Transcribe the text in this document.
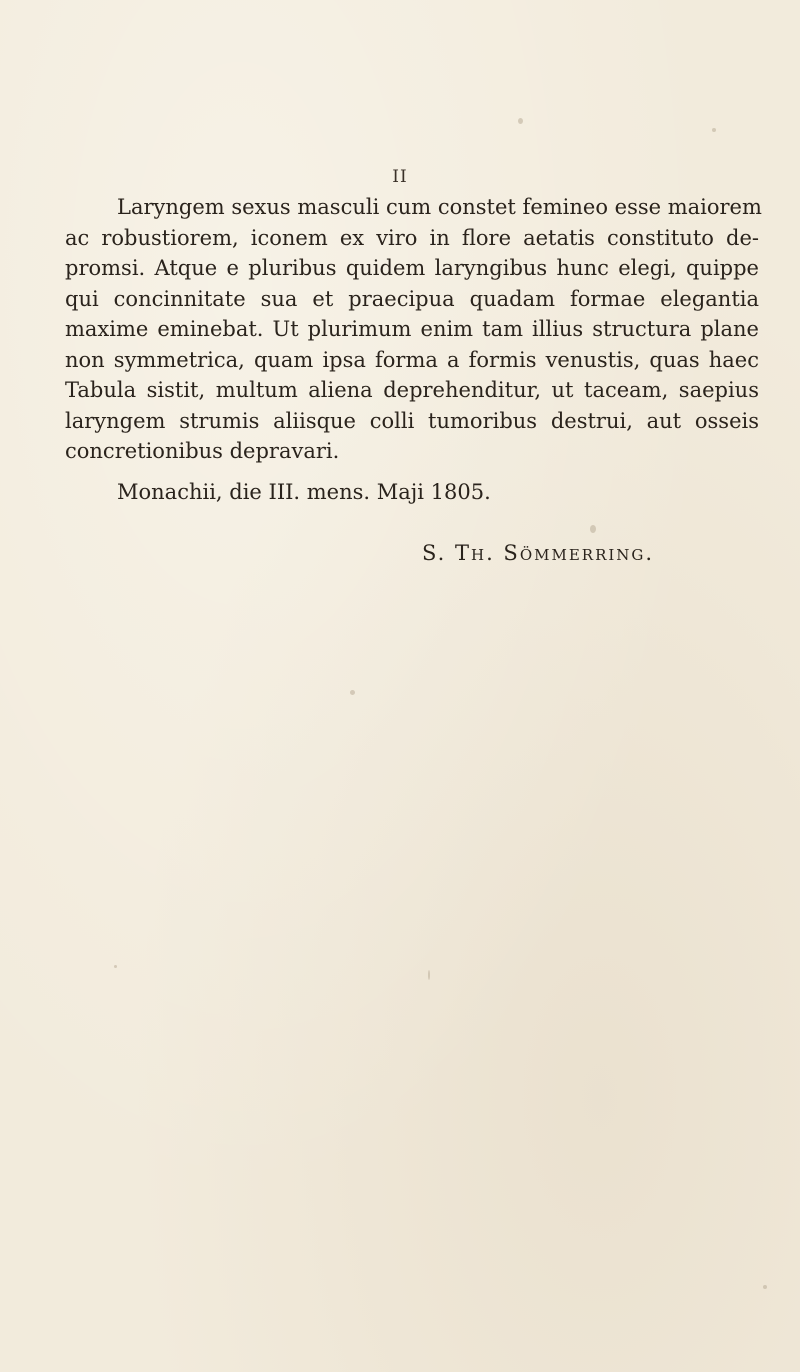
II
Laryngem sexus masculi cum constet femineo esse maiorem
ac robustiorem, iconem ex viro in flore aetatis constituto de-
promsi. Atque e pluribus quidem laryngibus hunc elegi, quippe
qui concinnitate sua et praecipua quadam formae elegantia
maxime eminebat. Ut plurimum enim tam illius structura plane
non symmetrica, quam ipsa forma a formis venustis, quas haec
Tabula sistit, multum aliena deprehenditur, ut taceam, saepius
laryngem strumis aliisque colli tumoribus destrui, aut osseis
concretionibus depravari.
Monachii, die III. mens. Maji 1805.
S. Th. Sömmerring.
